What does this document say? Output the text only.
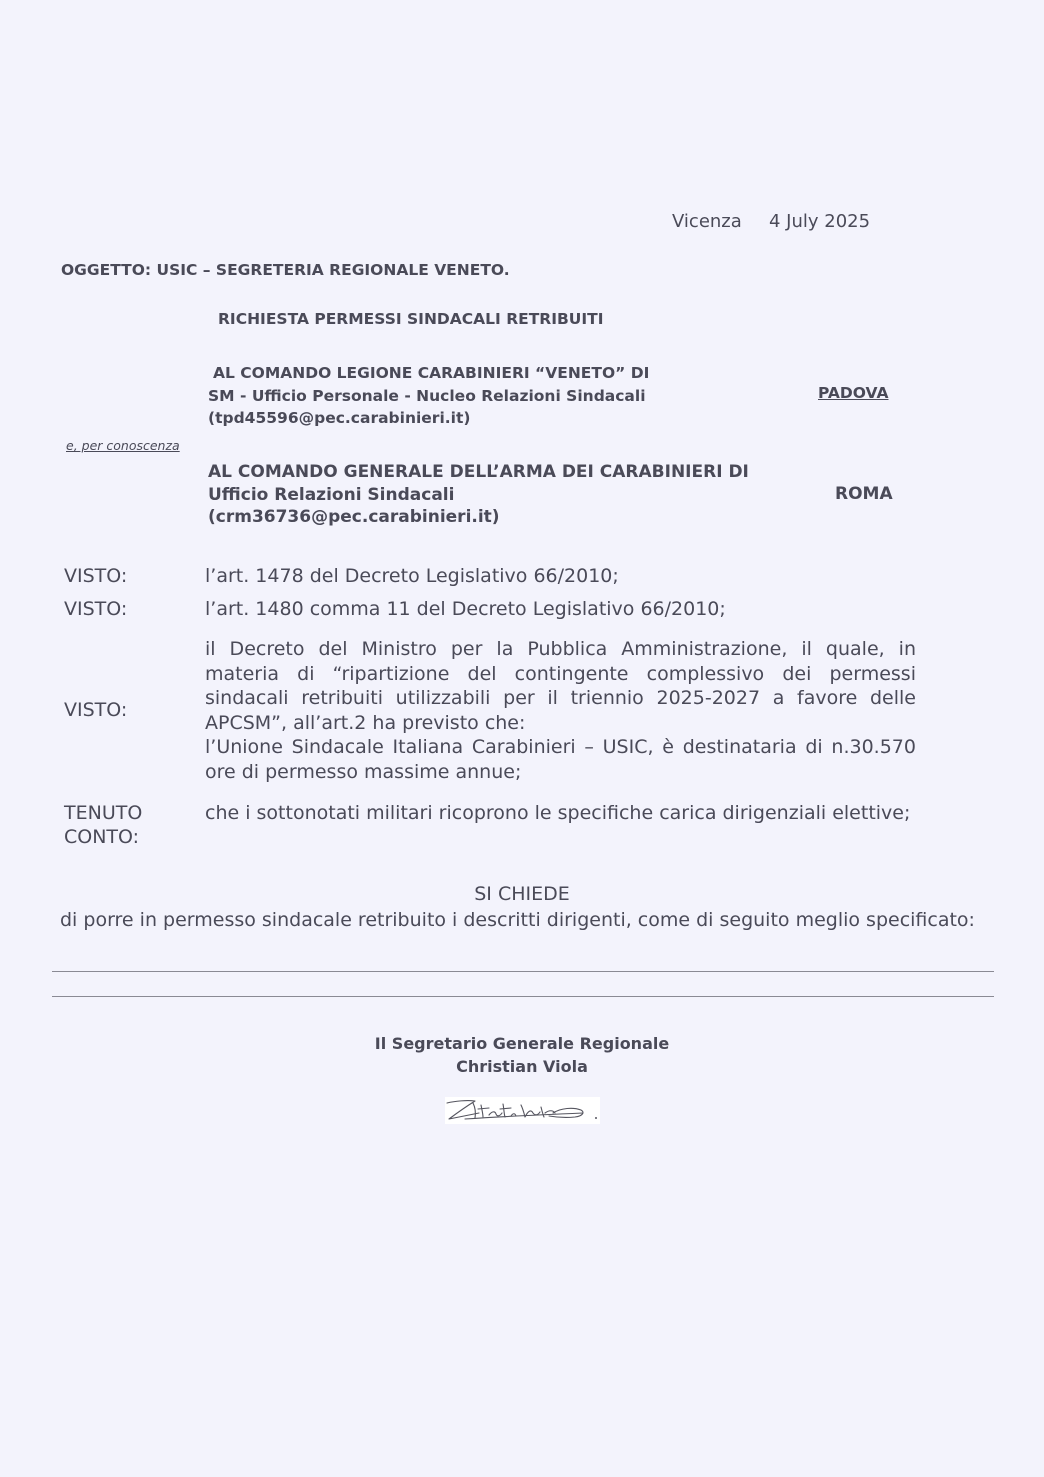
Vicenza 4 July 2025
OGGETTO: USIC – SEGRETERIA REGIONALE VENETO.
RICHIESTA PERMESSI SINDACALI RETRIBUITI
AL COMANDO LEGIONE CARABINIERI “VENETO” DI
SM - Ufficio Personale - Nucleo Relazioni Sindacali
(tpd45596@pec.carabinieri.it)
PADOVA
e, per conoscenza
AL COMANDO GENERALE DELL’ARMA DEI CARABINIERI DI
Ufficio Relazioni Sindacali
(crm36736@pec.carabinieri.it)
ROMA
VISTO:	l’art. 1478 del Decreto Legislativo 66/2010;
VISTO:	l’art. 1480 comma 11 del Decreto Legislativo 66/2010;
VISTO:
il Decreto del Ministro per la Pubblica Amministrazione, il quale, in materia di “ripartizione del contingente complessivo dei permessi sindacali retribuiti utilizzabili per il triennio 2025-2027 a favore delle APCSM”, all’art.2 ha previsto che:
l’Unione Sindacale Italiana Carabinieri – USIC, è destinataria di n.30.570 ore di permesso massime annue;
TENUTO
CONTO:
che i sottonotati militari ricoprono le specifiche carica dirigenziali elettive;
SI CHIEDE
di porre in permesso sindacale retribuito i descritti dirigenti, come di seguito meglio specificato:
Il Segretario Generale Regionale
Christian Viola
